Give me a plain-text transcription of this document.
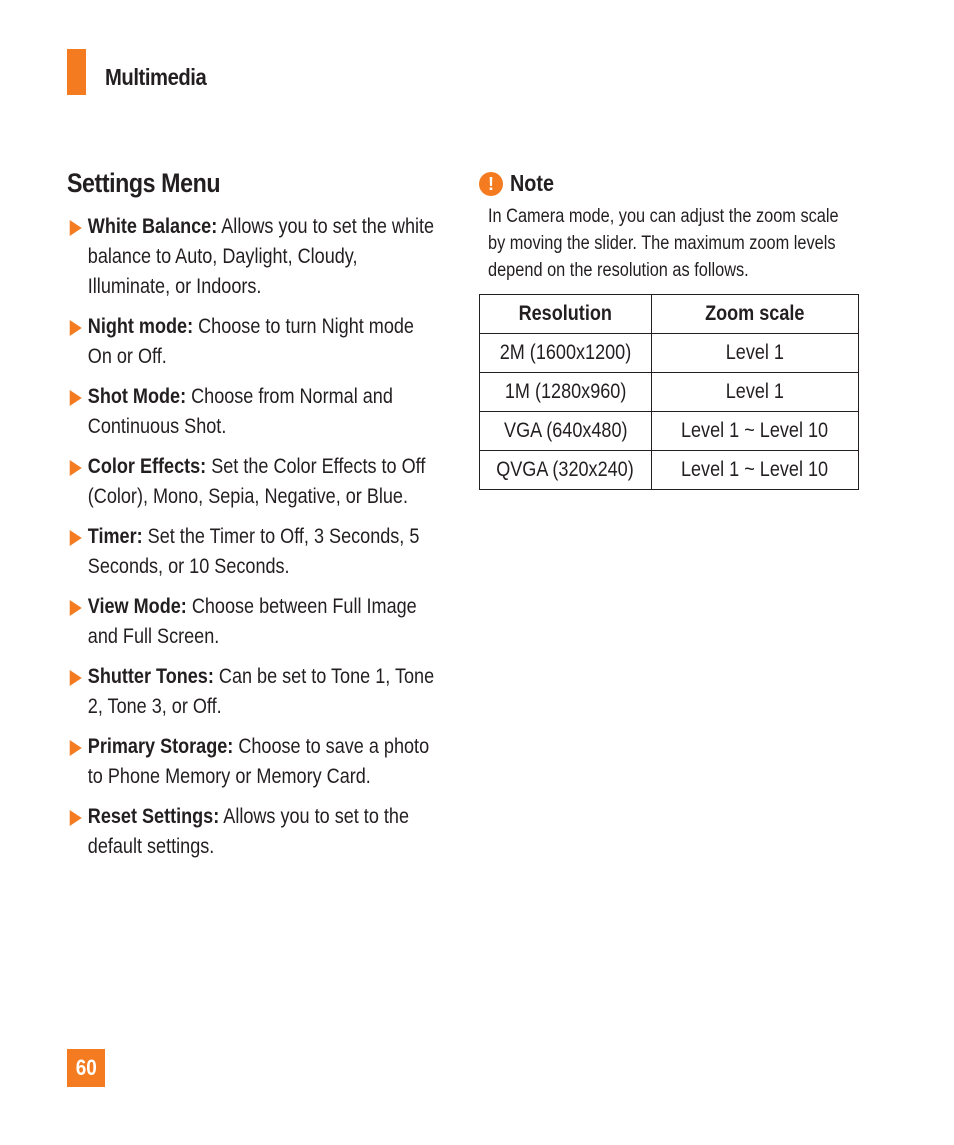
Multimedia
Settings Menu
White Balance: Allows you to set the white balance to Auto, Daylight, Cloudy, Illuminate, or Indoors.
Night mode: Choose to turn Night mode On or Off.
Shot Mode: Choose from Normal and Continuous Shot.
Color Effects: Set the Color Effects to Off (Color), Mono, Sepia, Negative, or Blue.
Timer: Set the Timer to Off, 3 Seconds, 5 Seconds, or 10 Seconds.
View Mode: Choose between Full Image and Full Screen.
Shutter Tones: Can be set to Tone 1, Tone 2, Tone 3, or Off.
Primary Storage: Choose to save a photo to Phone Memory or Memory Card.
Reset Settings: Allows you to set to the default settings.
! Note

In Camera mode, you can adjust the zoom scale by moving the slider. The maximum zoom levels depend on the resolution as follows.

Resolution	Zoom scale
2M (1600x1200)	Level 1
1M (1280x960)	Level 1
VGA (640x480)	Level 1 ~ Level 10
QVGA (320x240)	Level 1 ~ Level 10
60
